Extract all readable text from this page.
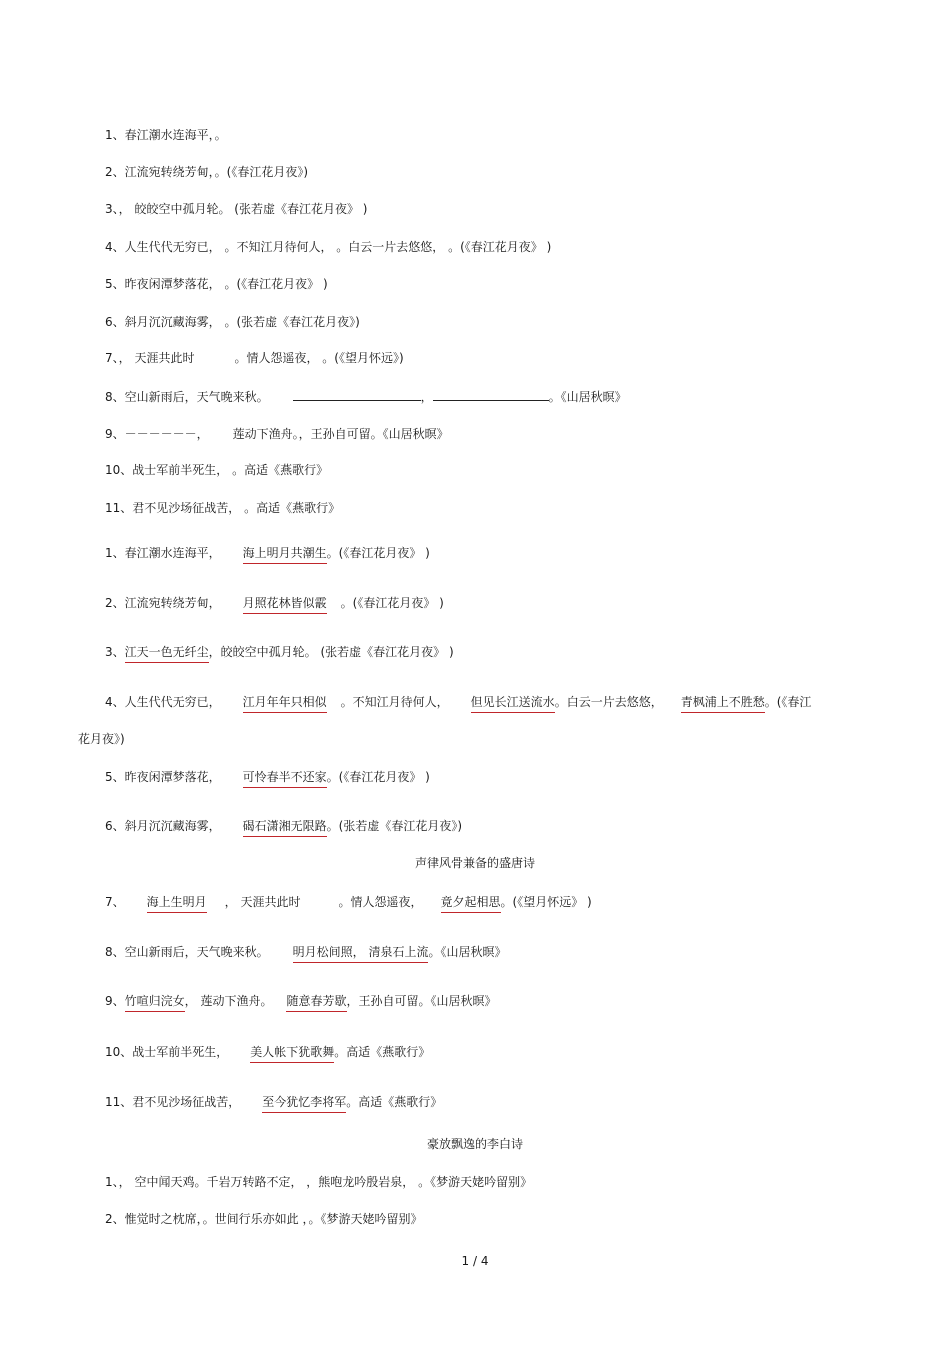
1、春江潮水连海平，。
2、江流宛转绕芳甸，。(《春江花月夜》)
3、， 皎皎空中孤月轮。 (张若虚《春江花月夜》 )
4、人生代代无穷已， 。不知江月待何人， 。白云一片去悠悠， 。(《春江花月夜》 )
5、昨夜闲潭梦落花， 。(《春江花月夜》 )
6、斜月沉沉藏海雾， 。(张若虚《春江花月夜》)
7、， 天涯共此时	。情人怨遥夜， 。(《望月怀远》)
8、空山新雨后，天气晚来秋。	，	。《山居秋暝》
9、－－－－－－， 莲动下渔舟。，王孙自可留。《山居秋暝》
10、战士军前半死生， 。高适《燕歌行》
11、君不见沙场征战苦， 。高适《燕歌行》
1、春江潮水连海平， 海上明月共潮生。(《春江花月夜》 )
2、江流宛转绕芳甸， 月照花林皆似霰 。(《春江花月夜》 )
3、江天一色无纤尘，皎皎空中孤月轮。 (张若虚《春江花月夜》 )
4、人生代代无穷已， 江月年年只相似 。不知江月待何人， 但见长江送流水。白云一片去悠悠， 青枫浦上不胜愁。(《春江
花月夜》)
5、昨夜闲潭梦落花， 可怜春半不还家。(《春江花月夜》 )
6、斜月沉沉藏海雾， 碣石潇湘无限路。(张若虚《春江花月夜》)
声律风骨兼备的盛唐诗
7、 海上生明月 ， 天涯共此时	。情人怨遥夜， 竟夕起相思。(《望月怀远》 )
8、空山新雨后，天气晚来秋。 明月松间照， 清泉石上流。《山居秋暝》
9、竹喧归浣女， 莲动下渔舟。 随意春芳歇，王孙自可留。《山居秋暝》
10、战士军前半死生， 美人帐下犹歌舞。高适《燕歌行》
11、君不见沙场征战苦， 至今犹忆李将军。高适《燕歌行》
豪放飘逸的李白诗
1、， 空中闻天鸡。千岩万转路不定， ，熊咆龙吟殷岩泉， 。《梦游天姥吟留别》
2、惟觉时之枕席，。世间行乐亦如此 ，。《梦游天姥吟留别》
1 / 4
